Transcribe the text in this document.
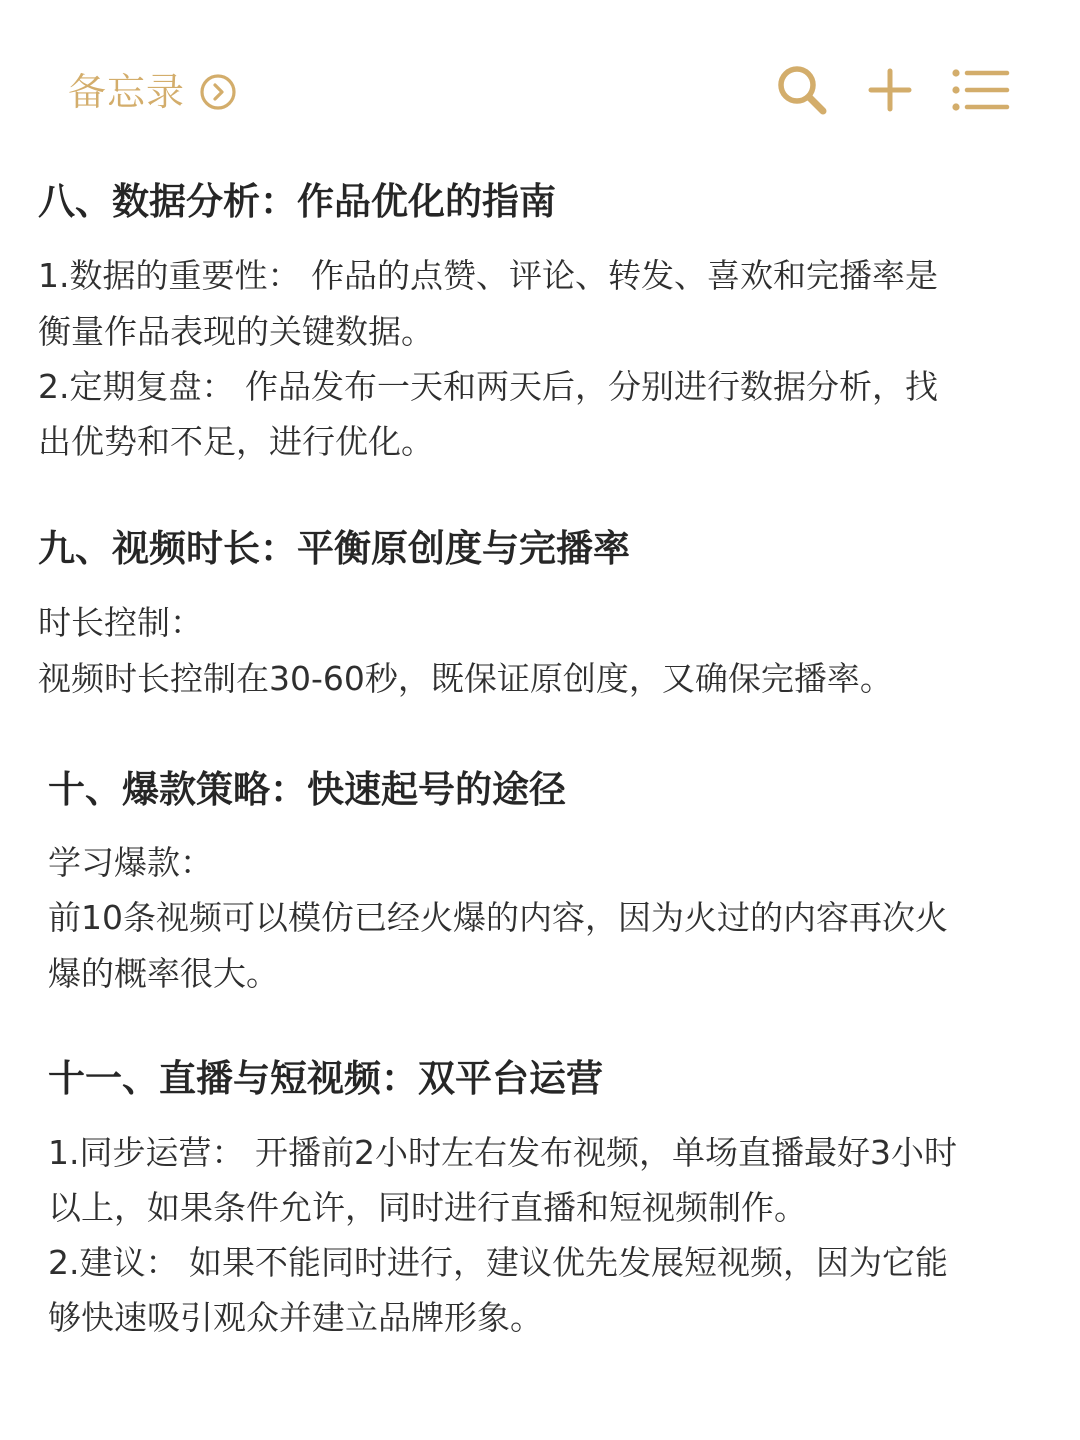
备忘录
八、数据分析：作品优化的指南
1.数据的重要性： 作品的点赞、评论、转发、喜欢和完播率是
衡量作品表现的关键数据。
2.定期复盘： 作品发布一天和两天后，分别进行数据分析，找
出优势和不足，进行优化。
九、视频时长：平衡原创度与完播率
时长控制：
视频时长控制在30-60秒，既保证原创度，又确保完播率。
十、爆款策略：快速起号的途径
学习爆款：
前10条视频可以模仿已经火爆的内容，因为火过的内容再次火
爆的概率很大。
十一、直播与短视频：双平台运营
1.同步运营： 开播前2小时左右发布视频，单场直播最好3小时
以上，如果条件允许，同时进行直播和短视频制作。
2.建议： 如果不能同时进行，建议优先发展短视频，因为它能
够快速吸引观众并建立品牌形象。
